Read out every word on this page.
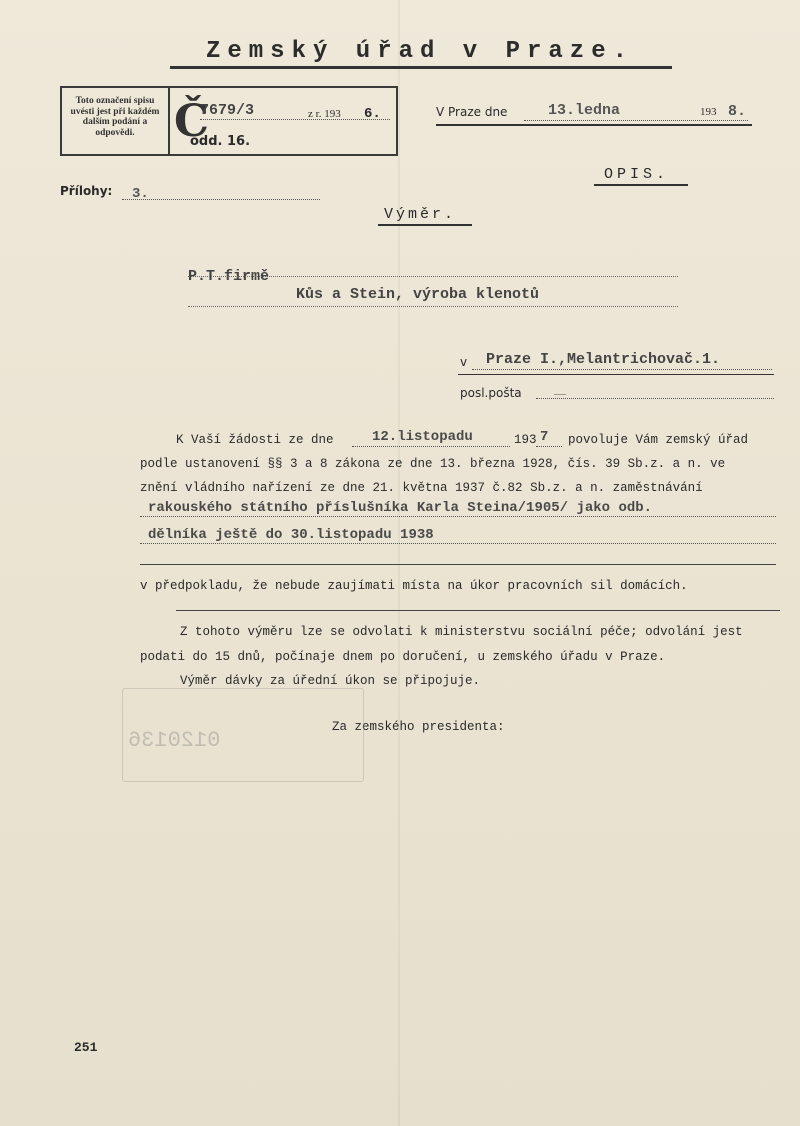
Zemský úřad v Praze.
Toto označení spisu uvésti jest při každém dalším podání a odpovědi. Č
7679/3	z r. 193 6.
odd. 16.
V Praze dne	13.ledna	193 8.
OPIS.
Přílohy: 3.
Výměr.
P.T.firmě
Kůs a Stein, výroba klenotů
v Praze I.,Melantrichovač.1.
posl.pošta	—
K Vaší žádosti ze dne	12.listopadu	193 7 povoluje Vám zemský úřad
podle ustanovení §§ 3 a 8 zákona ze dne 13. března 1928, čís. 39 Sb.z. a n. ve
znění vládního nařízení ze dne 21. května 1937 č.82 Sb.z. a n. zaměstnávání
rakouského státního příslušníka Karla Steina/1905/ jako odb.
dělníka ještě do 30.listopadu 1938
v předpokladu, že nebude zaujímati místa na úkor pracovních sil domácích.
Z tohoto výměru lze se odvolati k ministerstvu sociální péče; odvolání jest
podati do 15 dnů, počínaje dnem po doručení, u zemského úřadu v Praze.
Výměr dávky za úřední úkon se připojuje.
Za zemského presidenta:
0120136
251
